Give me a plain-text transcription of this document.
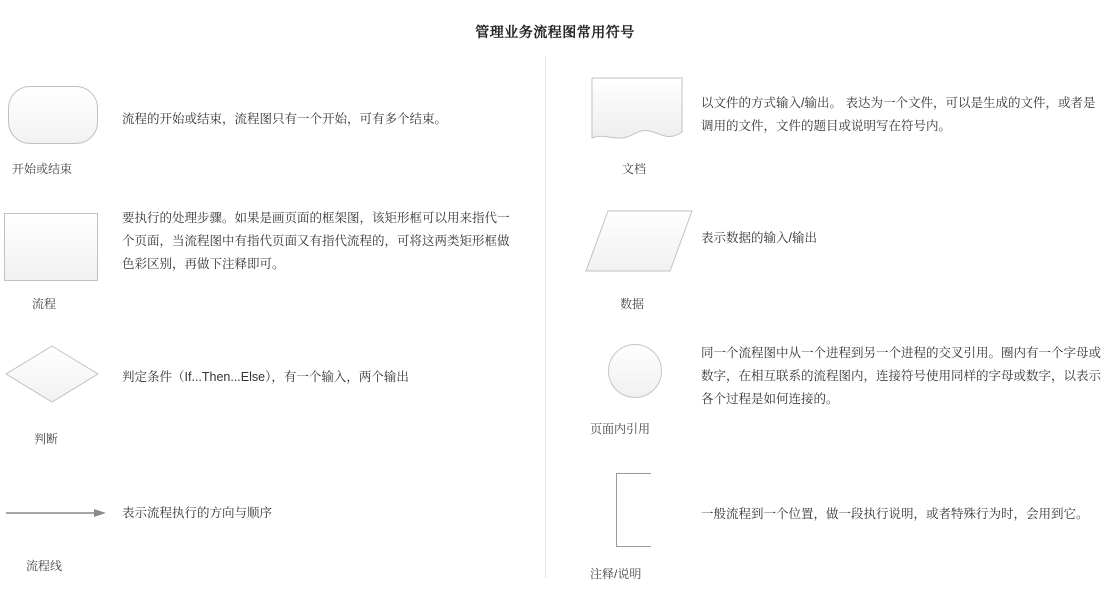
管理业务流程图常用符号
开始或结束
流程的开始或结束，流程图只有一个开始，可有多个结束。
流程
要执行的处理步骤。如果是画页面的框架图，该矩形框可以用来指代一个页面，当流程图中有指代页面又有指代流程的，可将这两类矩形框做色彩区别，再做下注释即可。
判断
判定条件（If...Then...Else），有一个输入，两个输出
流程线
表示流程执行的方向与顺序
文档
以文件的方式输入/输出。 表达为一个文件，可以是生成的文件，或者是调用的文件，文件的题目或说明写在符号内。
数据
表示数据的输入/输出
页面内引用
同一个流程图中从一个进程到另一个进程的交叉引用。圈内有一个字母或数字，在相互联系的流程图内，连接符号使用同样的字母或数字，以表示各个过程是如何连接的。
注释/说明
一般流程到一个位置，做一段执行说明，或者特殊行为时，会用到它。
